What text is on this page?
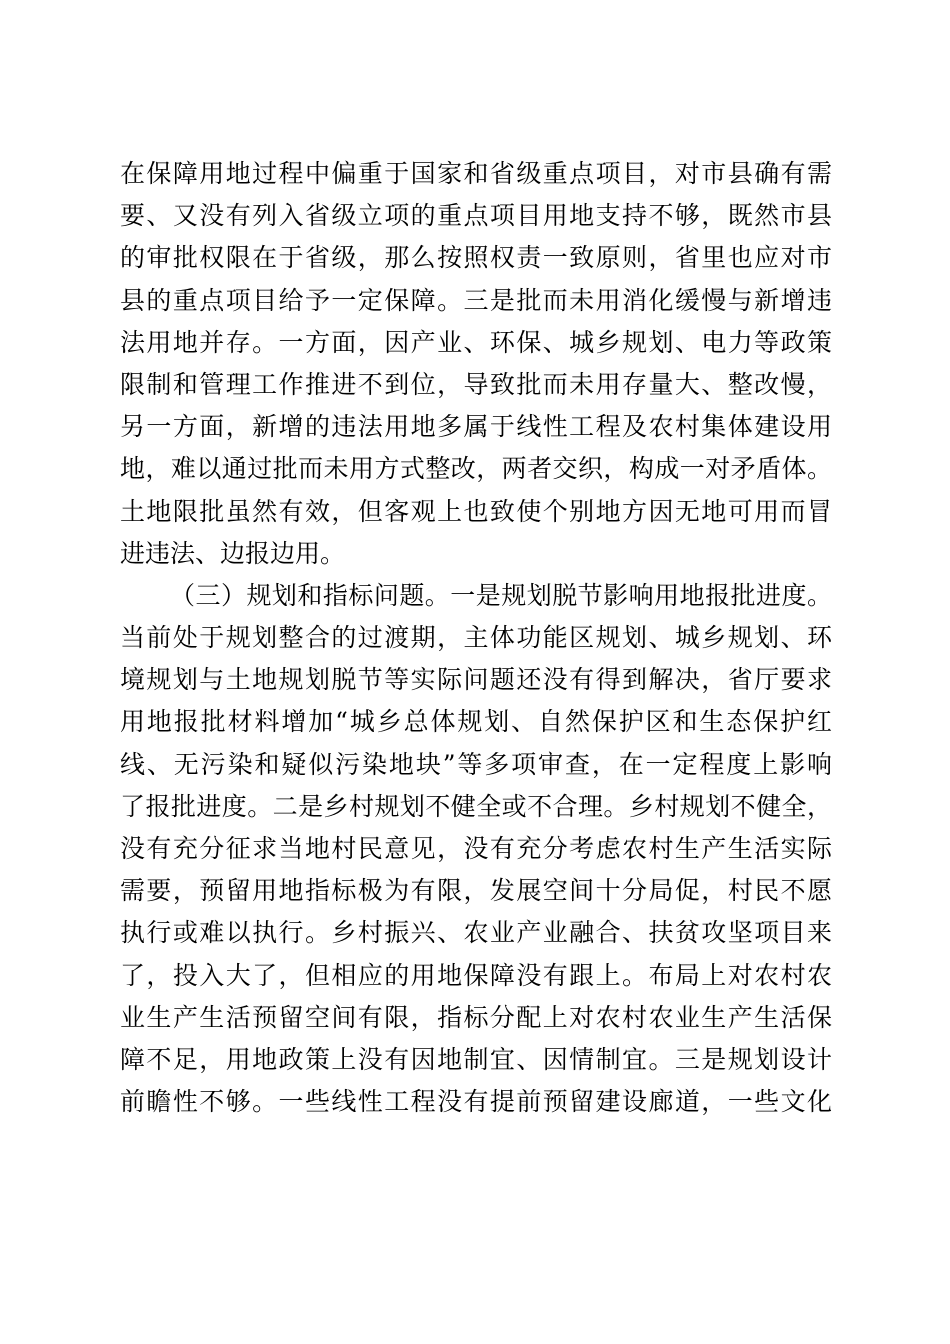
在保障用地过程中偏重于国家和省级重点项目，对市县确有需
要、又没有列入省级立项的重点项目用地支持不够，既然市县
的审批权限在于省级，那么按照权责一致原则，省里也应对市
县的重点项目给予一定保障。三是批而未用消化缓慢与新增违
法用地并存。一方面，因产业、环保、城乡规划、电力等政策
限制和管理工作推进不到位，导致批而未用存量大、整改慢，
另一方面，新增的违法用地多属于线性工程及农村集体建设用
地，难以通过批而未用方式整改，两者交织，构成一对矛盾体。
土地限批虽然有效，但客观上也致使个别地方因无地可用而冒
进违法、边报边用。
（三）规划和指标问题。一是规划脱节影响用地报批进度。
当前处于规划整合的过渡期，主体功能区规划、城乡规划、环
境规划与土地规划脱节等实际问题还没有得到解决，省厅要求
用地报批材料增加“城乡总体规划、自然保护区和生态保护红
线、无污染和疑似污染地块”等多项审查，在一定程度上影响
了报批进度。二是乡村规划不健全或不合理。乡村规划不健全，
没有充分征求当地村民意见，没有充分考虑农村生产生活实际
需要，预留用地指标极为有限，发展空间十分局促，村民不愿
执行或难以执行。乡村振兴、农业产业融合、扶贫攻坚项目来
了，投入大了，但相应的用地保障没有跟上。布局上对农村农
业生产生活预留空间有限，指标分配上对农村农业生产生活保
障不足，用地政策上没有因地制宜、因情制宜。三是规划设计
前瞻性不够。一些线性工程没有提前预留建设廊道，一些文化
